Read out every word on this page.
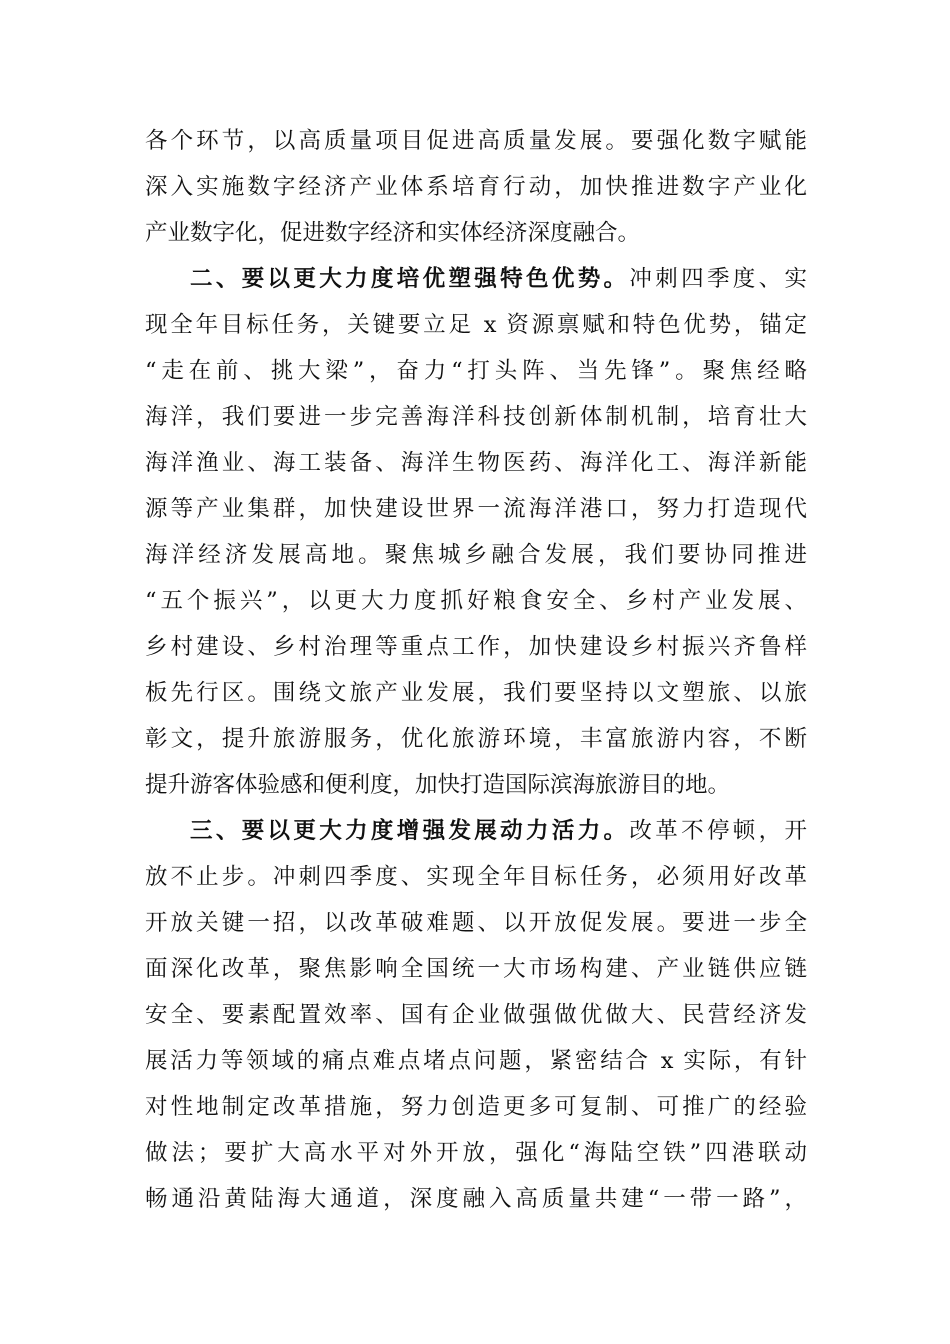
各个环节，以高质量项目促进高质量发展。要强化数字赋能
深入实施数字经济产业体系培育行动，加快推进数字产业化
产业数字化，促进数字经济和实体经济深度融合。
二、要以更大力度培优塑强特色优势。冲刺四季度、实
现全年目标任务，关键要立足 x 资源禀赋和特色优势，锚定
“走在前、挑大梁”，奋力“打头阵、当先锋”。聚焦经略
海洋，我们要进一步完善海洋科技创新体制机制，培育壮大
海洋渔业、海工装备、海洋生物医药、海洋化工、海洋新能
源等产业集群，加快建设世界一流海洋港口，努力打造现代
海洋经济发展高地。聚焦城乡融合发展，我们要协同推进
“五个振兴”，以更大力度抓好粮食安全、乡村产业发展、
乡村建设、乡村治理等重点工作，加快建设乡村振兴齐鲁样
板先行区。围绕文旅产业发展，我们要坚持以文塑旅、以旅
彰文，提升旅游服务，优化旅游环境，丰富旅游内容，不断
提升游客体验感和便利度，加快打造国际滨海旅游目的地。
三、要以更大力度增强发展动力活力。改革不停顿，开
放不止步。冲刺四季度、实现全年目标任务，必须用好改革
开放关键一招，以改革破难题、以开放促发展。要进一步全
面深化改革，聚焦影响全国统一大市场构建、产业链供应链
安全、要素配置效率、国有企业做强做优做大、民营经济发
展活力等领域的痛点难点堵点问题，紧密结合 x 实际，有针
对性地制定改革措施，努力创造更多可复制、可推广的经验
做法；要扩大高水平对外开放，强化“海陆空铁”四港联动
畅通沿黄陆海大通道，深度融入高质量共建“一带一路”，
